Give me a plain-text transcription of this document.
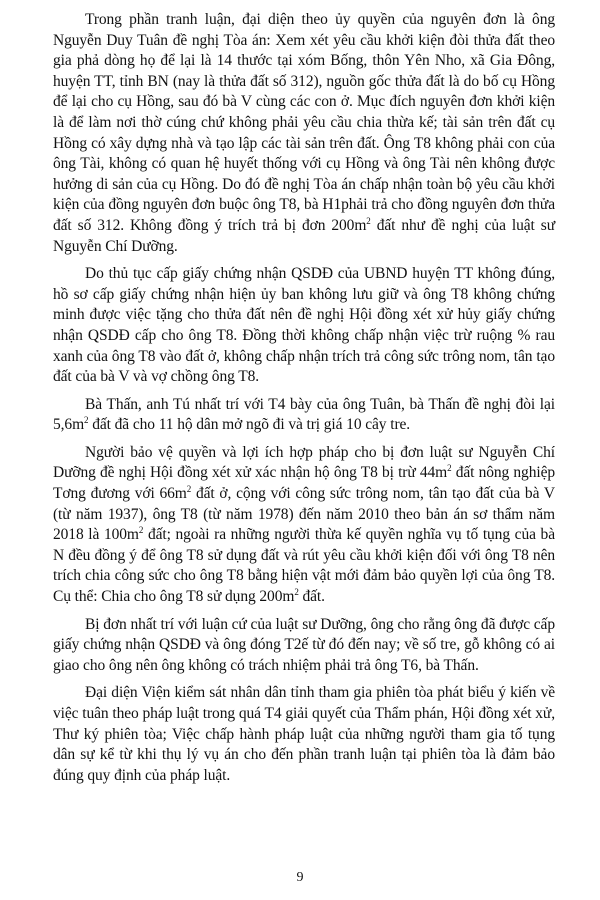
Trong phần tranh luận, đại diện theo ủy quyền của nguyên đơn là ông Nguyễn Duy Tuân đề nghị Tòa án: Xem xét yêu cầu khởi kiện đòi thửa đất theo gia phả dòng họ để lại là 14 thước tại xóm Bống, thôn Yên Nho, xã Gia Đông, huyện TT, tỉnh BN (nay là thửa đất số 312), nguồn gốc thửa đất là do bố cụ Hồng để lại cho cụ Hồng, sau đó bà V cùng các con ở. Mục đích nguyên đơn khởi kiện là để làm nơi thờ cúng chứ không phải yêu cầu chia thừa kế; tài sản trên đất cụ Hồng có xây dựng nhà và tạo lập các tài sản trên đất. Ông T8 không phải con của ông Tài, không có quan hệ huyết thống với cụ Hồng và ông Tài nên không được hưởng di sản của cụ Hồng. Do đó đề nghị Tòa án chấp nhận toàn bộ yêu cầu khởi kiện của đồng nguyên đơn buộc ông T8, bà H1phải trả cho đồng nguyên đơn thửa đất số 312. Không đồng ý trích trả bị đơn $200m^2$ đất như đề nghị của luật sư Nguyễn Chí Dưỡng.

Do thủ tục cấp giấy chứng nhận QSDĐ của UBND huyện TT không đúng, hồ sơ cấp giấy chứng nhận hiện ủy ban không lưu giữ và ông T8 không chứng minh được việc tặng cho thửa đất nên đề nghị Hội đồng xét xử hủy giấy chứng nhận QSDĐ cấp cho ông T8. Đồng thời không chấp nhận việc trừ ruộng % rau xanh của ông T8 vào đất ở, không chấp nhận trích trả công sức trông nom, tân tạo đất của bà V và vợ chồng ông T8.

Bà Thấn, anh Tú nhất trí với T4 bày của ông Tuân, bà Thấn đề nghị đòi lại $5,6m^2$ đất đã cho 11 hộ dân mở ngõ đi và trị giá 10 cây tre.

Người bảo vệ quyền và lợi ích hợp pháp cho bị đơn luật sư Nguyễn Chí Dưỡng đề nghị Hội đồng xét xử xác nhận hộ ông T8 bị trừ $44m^2$ đất nông nghiệp Tơng đương với $66m^2$ đất ở, cộng với công sức trông nom, tân tạo đất của bà V (từ năm 1937), ông T8 (từ năm 1978) đến năm 2010 theo bản án sơ thẩm năm 2018 là $100m^2$ đất; ngoài ra những người thừa kế quyền nghĩa vụ tố tụng của bà N đều đồng ý để ông T8 sử dụng đất và rút yêu cầu khởi kiện đối với ông T8 nên trích chia công sức cho ông T8 bằng hiện vật mới đảm bảo quyền lợi của ông T8. Cụ thể: Chia cho ông T8 sử dụng $200m^2$ đất.

Bị đơn nhất trí với luận cứ của luật sư Dưỡng, ông cho rằng ông đã được cấp giấy chứng nhận QSDĐ và ông đóng T2ế từ đó đến nay; về số tre, gỗ không có ai giao cho ông nên ông không có trách nhiệm phải trả ông T6, bà Thấn.

Đại diện Viện kiểm sát nhân dân tỉnh tham gia phiên tòa phát biểu ý kiến về việc tuân theo pháp luật trong quá T4 giải quyết của Thẩm phán, Hội đồng xét xử, Thư ký phiên tòa; Việc chấp hành pháp luật của những người tham gia tố tụng dân sự kể từ khi thụ lý vụ án cho đến phần tranh luận tại phiên tòa là đảm bảo đúng quy định của pháp luật.

9
